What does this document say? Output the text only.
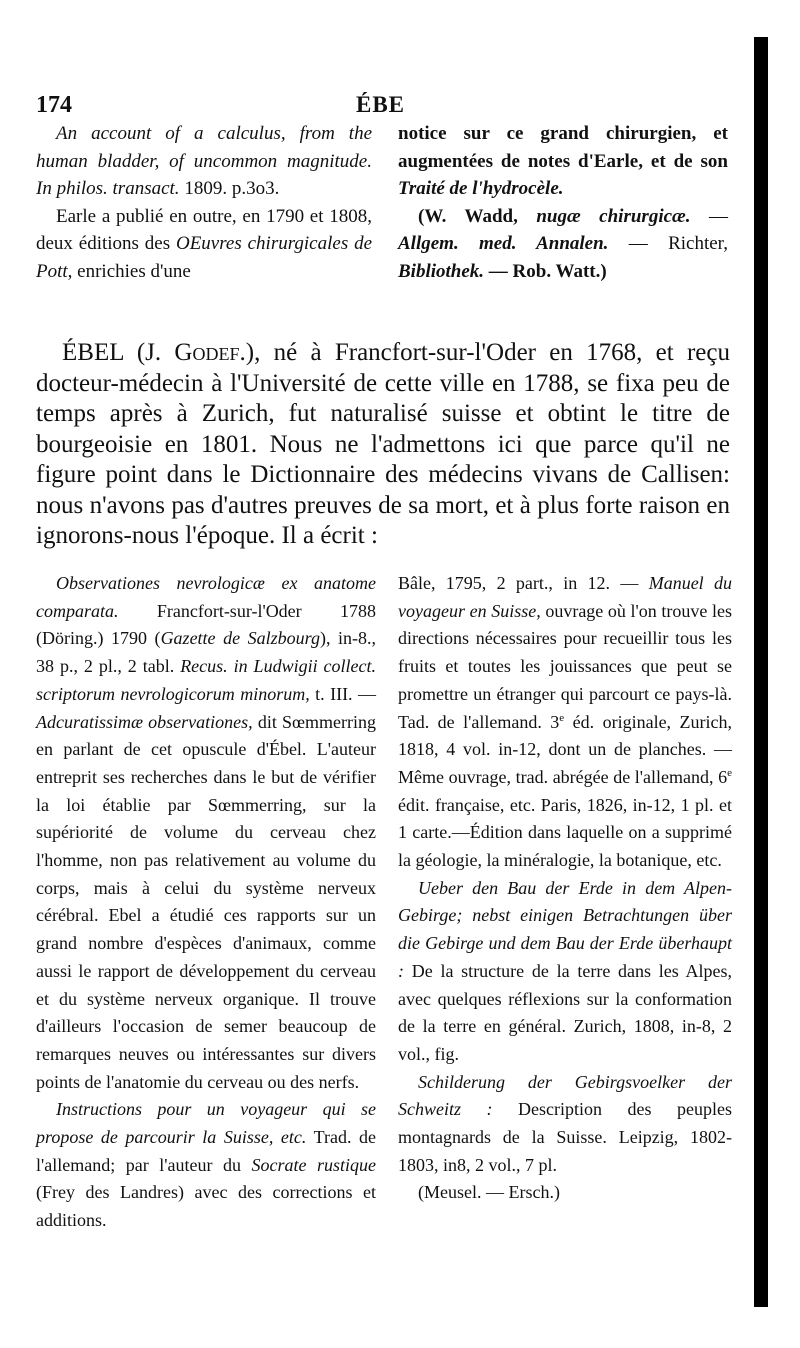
174	ÉBE

An account of a calculus, from the human bladder, of uncommon magnitude. In philos. transact. 1809. p.3o3.

Earle a publié en outre, en 1790 et 1808, deux éditions des OEuvres chirurgicales de Pott, enrichies d'une

notice sur ce grand chirurgien, et augmentées de notes d'Earle, et de son Traité de l'hydrocèle.

(W. Wadd, nugæ chirurgicæ. — Allgem. med. Annalen. — Richter, Bibliothek. — Rob. Watt.)

ÉBEL (J. Godef.), né à Francfort-sur-l'Oder en 1768, et reçu docteur-médecin à l'Université de cette ville en 1788, se fixa peu de temps après à Zurich, fut naturalisé suisse et obtint le titre de bourgeoisie en 1801. Nous ne l'admettons ici que parce qu'il ne figure point dans le Dictionnaire des médecins vivans de Callisen: nous n'avons pas d'autres preuves de sa mort, et à plus forte raison en ignorons-nous l'époque. Il a écrit :

Observationes nevrologicæ ex anatome comparata. Francfort-sur-l'Oder 1788 (Döring.) 1790 (Gazette de Salzbourg), in-8., 38 p., 2 pl., 2 tabl. Recus. in Ludwigii collect. scriptorum nevrologicorum minorum, t. III. — Adcuratissimæ observationes, dit Sœmmerring en parlant de cet opuscule d'Ébel. L'auteur entreprit ses recherches dans le but de vérifier la loi établie par Sœmmerring, sur la supériorité de volume du cerveau chez l'homme, non pas relativement au volume du corps, mais à celui du système nerveux cérébral. Ebel a étudié ces rapports sur un grand nombre d'espèces d'animaux, comme aussi le rapport de développement du cerveau et du système nerveux organique. Il trouve d'ailleurs l'occasion de semer beaucoup de remarques neuves ou intéressantes sur divers points de l'anatomie du cerveau ou des nerfs.

Instructions pour un voyageur qui se propose de parcourir la Suisse, etc. Trad. de l'allemand; par l'auteur du Socrate rustique (Frey des Landres) avec des corrections et additions.

Bâle, 1795, 2 part., in 12. — Manuel du voyageur en Suisse, ouvrage où l'on trouve les directions nécessaires pour recueillir tous les fruits et toutes les jouissances que peut se promettre un étranger qui parcourt ce pays-là. Tad. de l'allemand. 3e éd. originale, Zurich, 1818, 4 vol. in-12, dont un de planches. — Même ouvrage, trad. abrégée de l'allemand, 6e édit. française, etc. Paris, 1826, in-12, 1 pl. et 1 carte.—Édition dans laquelle on a supprimé la géologie, la minéralogie, la botanique, etc.

Ueber den Bau der Erde in dem Alpen-Gebirge; nebst einigen Betrachtungen über die Gebirge und dem Bau der Erde überhaupt : De la structure de la terre dans les Alpes, avec quelques réflexions sur la conformation de la terre en général. Zurich, 1808, in-8, 2 vol., fig.

Schilderung der Gebirgsvoelker der Schweitz : Description des peuples montagnards de la Suisse. Leipzig, 1802-1803, in8, 2 vol., 7 pl.

(Meusel. — Ersch.)
